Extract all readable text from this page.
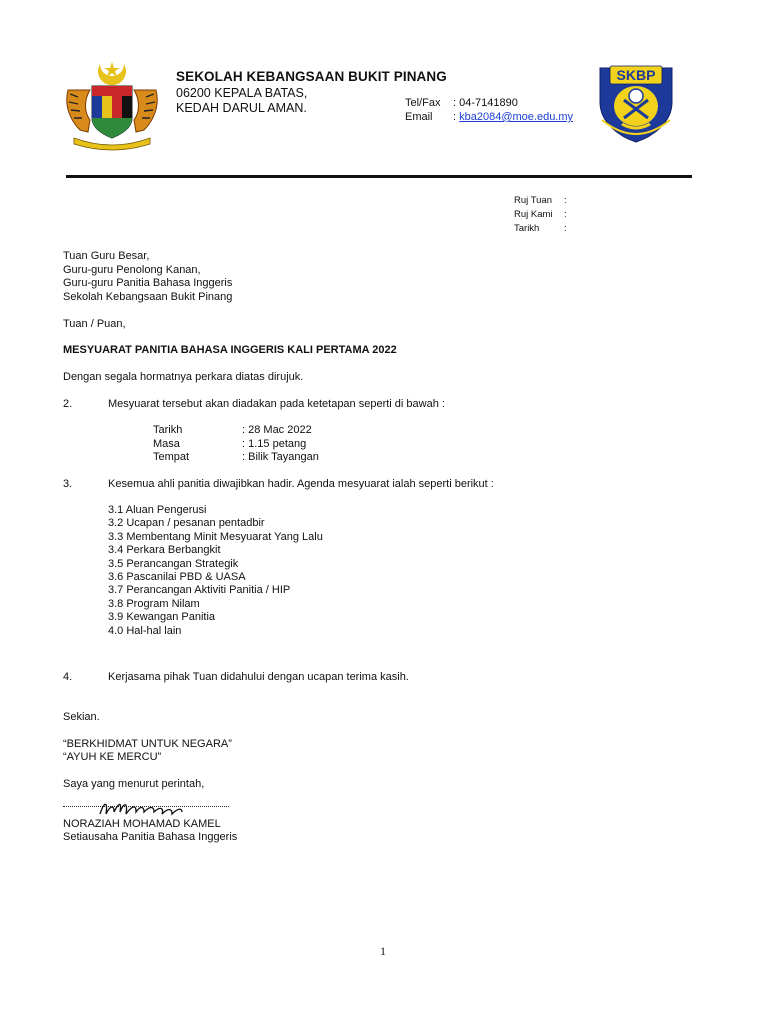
SEKOLAH KEBANGSAAN BUKIT PINANG
06200 KEPALA BATAS,
KEDAH DARUL AMAN.	Tel/Fax : 04-7141890
Email : kba2084@moe.edu.my
SKBP
Ruj Tuan :
Ruj Kami :
Tarikh	:
Tuan Guru Besar,
Guru-guru Penolong Kanan,
Guru-guru Panitia Bahasa Inggeris
Sekolah Kebangsaan Bukit Pinang
Tuan / Puan,
MESYUARAT PANITIA BAHASA INGGERIS KALI PERTAMA 2022
Dengan segala hormatnya perkara diatas dirujuk.
2.	Mesyuarat tersebut akan diadakan pada ketetapan seperti di bawah :
Tarikh	: 28 Mac 2022
Masa	: 1.15 petang
Tempat	: Bilik Tayangan
3.	Kesemua ahli panitia diwajibkan hadir. Agenda mesyuarat ialah seperti berikut :
3.1 Aluan Pengerusi
3.2 Ucapan / pesanan pentadbir
3.3 Membentang Minit Mesyuarat Yang Lalu
3.4 Perkara Berbangkit
3.5 Perancangan Strategik
3.6 Pascanilai PBD & UASA
3.7 Perancangan Aktiviti Panitia / HIP
3.8 Program Nilam
3.9 Kewangan Panitia
4.0 Hal-hal lain
4.	Kerjasama pihak Tuan didahului dengan ucapan terima kasih.
Sekian.
“BERKHIDMAT UNTUK NEGARA”
“AYUH KE MERCU”
Saya yang menurut perintah,
NORAZIAH MOHAMAD KAMEL
Setiausaha Panitia Bahasa Inggeris
1
